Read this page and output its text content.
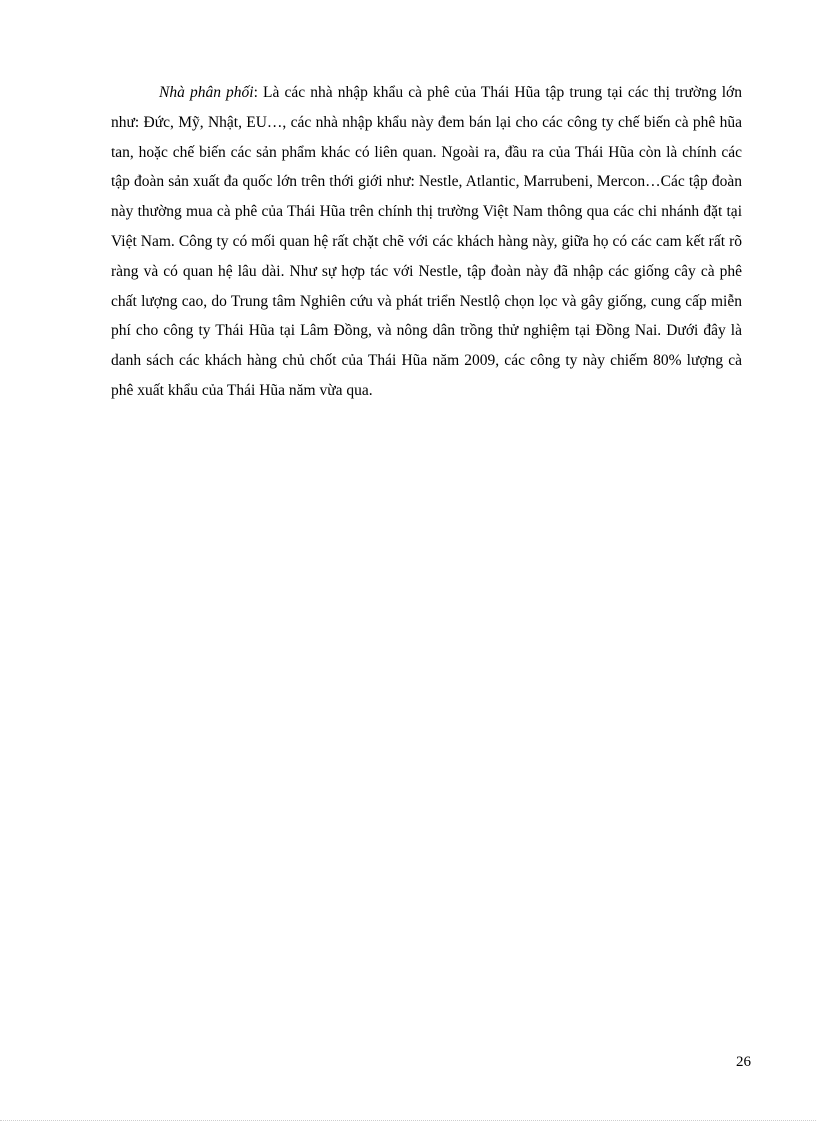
Nhà phân phối: Là các nhà nhập khẩu cà phê của Thái Hũa tập trung tại các thị trường lớn như: Đức, Mỹ, Nhật, EU…, các nhà nhập khẩu này đem bán lại cho các công ty chế biến cà phê hũa tan, hoặc chế biến các sản phẩm khác có liên quan. Ngoài ra, đầu ra của Thái Hũa còn là chính các tập đoàn sản xuất đa quốc lớn trên thới giới như: Nestle, Atlantic, Marrubeni, Mercon…Các tập đoàn này thường mua cà phê của Thái Hũa trên chính thị trường Việt Nam thông qua các chi nhánh đặt tại Việt Nam. Công ty có mối quan hệ rất chặt chẽ với các khách hàng này, giữa họ có các cam kết rất rõ ràng và có quan hệ lâu dài. Như sự hợp tác với Nestle, tập đoàn này đã nhập các giống cây cà phê chất lượng cao, do Trung tâm Nghiên cứu và phát triển Nestlộ chọn lọc và gây giống, cung cấp miễn phí cho công ty Thái Hũa tại Lâm Đồng, và nông dân trồng thử nghiệm tại Đồng Nai. Dưới đây là danh sách các khách hàng chủ chốt của Thái Hũa năm 2009, các công ty này chiếm 80% lượng cà phê xuất khẩu của Thái Hũa năm vừa qua.

26
